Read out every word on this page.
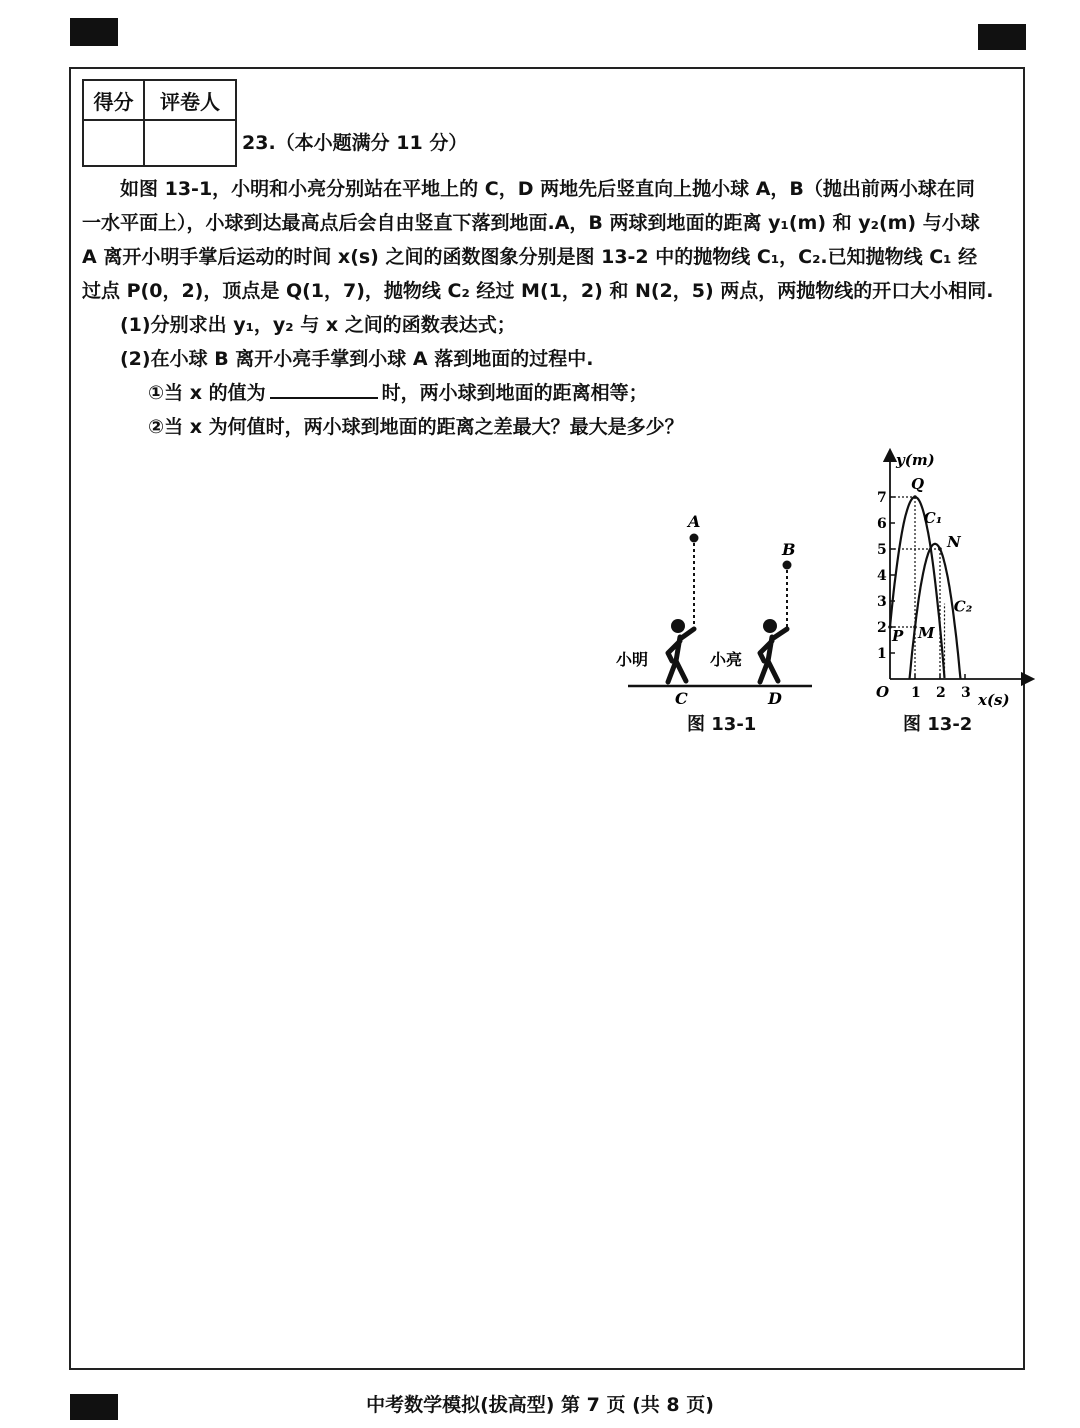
得分	评卷人

23.（本小题满分 11 分）

如图 13-1，小明和小亮分别站在平地上的 C，D 两地先后竖直向上抛小球 A，B（抛出前两小球在同

一水平面上），小球到达最高点后会自由竖直下落到地面.A，B 两球到地面的距离 y₁(m) 和 y₂(m) 与小球

A 离开小明手掌后运动的时间 x(s) 之间的函数图象分别是图 13-2 中的抛物线 C₁，C₂.已知抛物线 C₁ 经

过点 P(0，2)，顶点是 Q(1，7)，抛物线 C₂ 经过 M(1，2) 和 N(2，5) 两点，两抛物线的开口大小相同.

(1)分别求出 y₁，y₂ 与 x 之间的函数表达式；

(2)在小球 B 离开小亮手掌到小球 A 落到地面的过程中.

①当 x 的值为	时，两小球到地面的距离相等；

②当 x 为何值时，两小球到地面的距离之差最大？最大是多少？

A
B
小明	小亮
C	D
图 13-1
y(m)
x(s)
O
1
2
3
4
5
6
7
1 2 3
Q
N
P M
C₁
C₂
图 13-2
中考数学模拟(拔高型) 第 7 页 (共 8 页)
